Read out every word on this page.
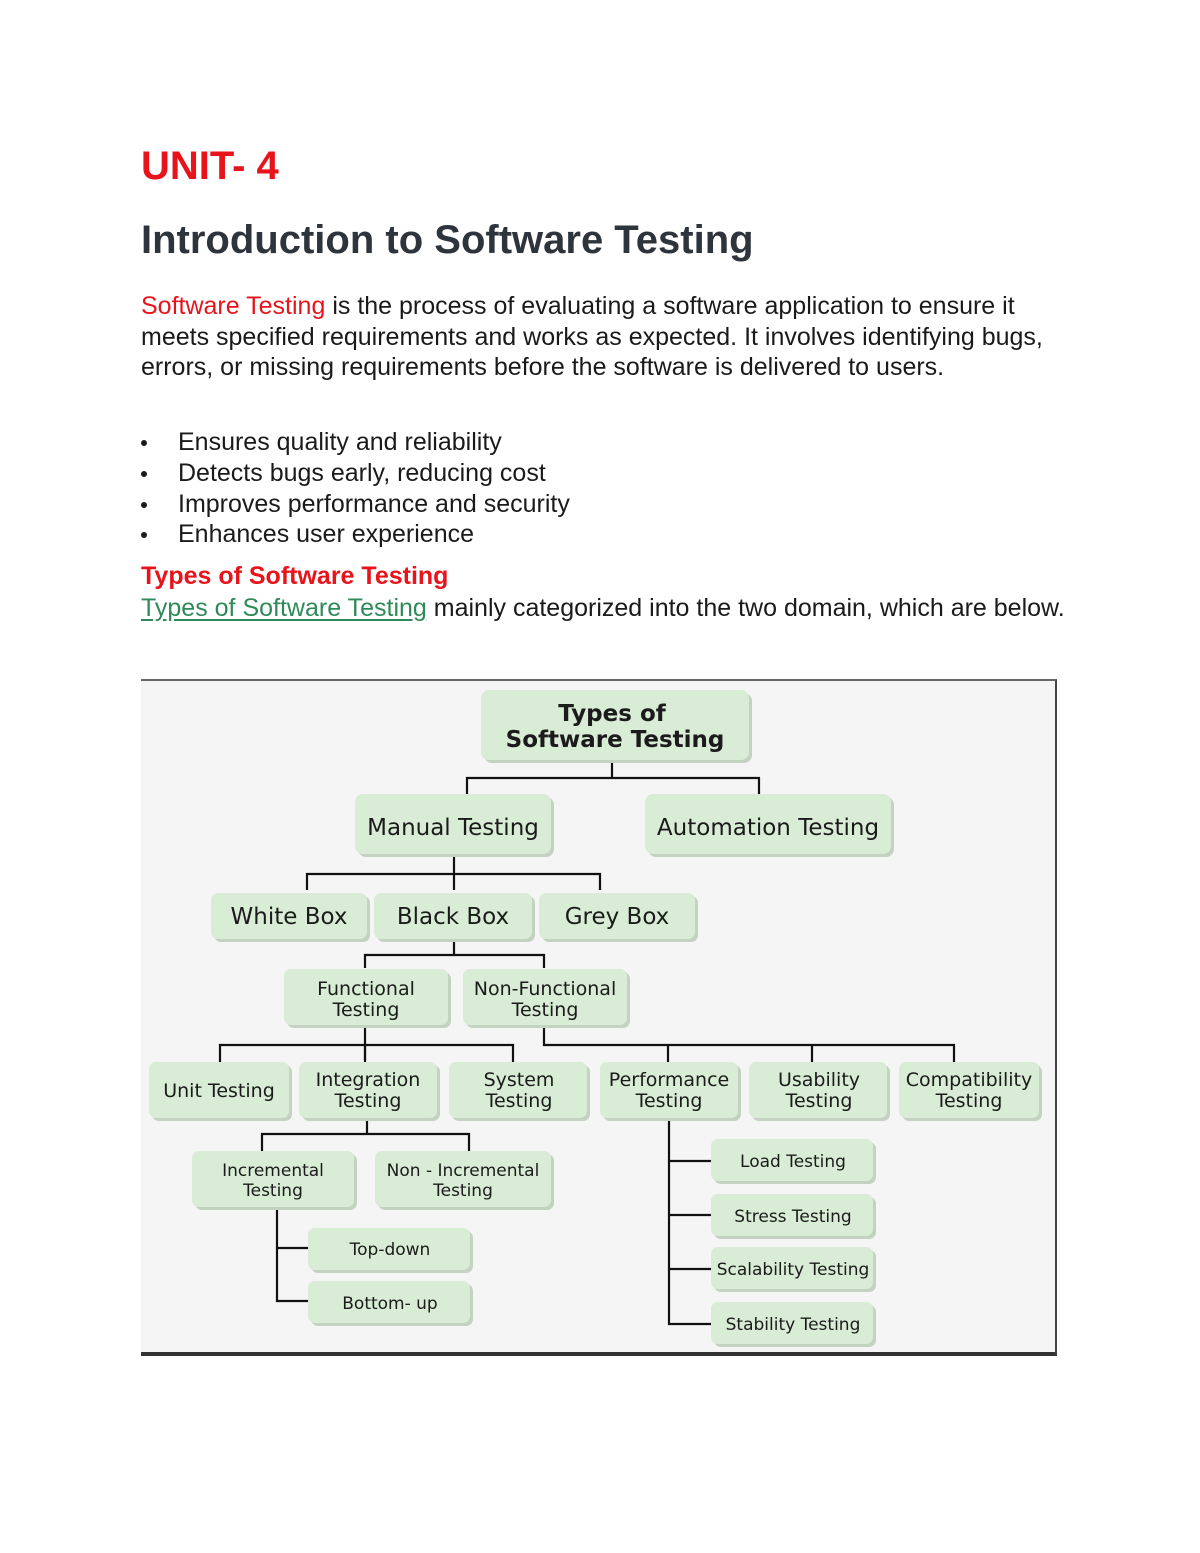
UNIT- 4
Introduction to Software Testing

Software Testing is the process of evaluating a software application to ensure it meets specified requirements and works as expected. It involves identifying bugs, errors, or missing requirements before the software is delivered to users.

Ensures quality and reliability
Detects bugs early, reducing cost
Improves performance and security
Enhances user experience
Types of Software Testing

Types of Software Testing mainly categorized into the two domain, which are below.

Types of
Software Testing
Manual Testing	Automation Testing
White Box Black Box Grey Box
Functional
Testing
Non-Functional
Testing
Unit Testing Integration
Testing
System
Testing
Performance
Testing
Usability
Testing
Compatibility
Testing
Incremental
Testing
Non - Incremental
Testing
Top-down
Bottom- up
Load Testing
Stress Testing
Scalability Testing
Stability Testing
